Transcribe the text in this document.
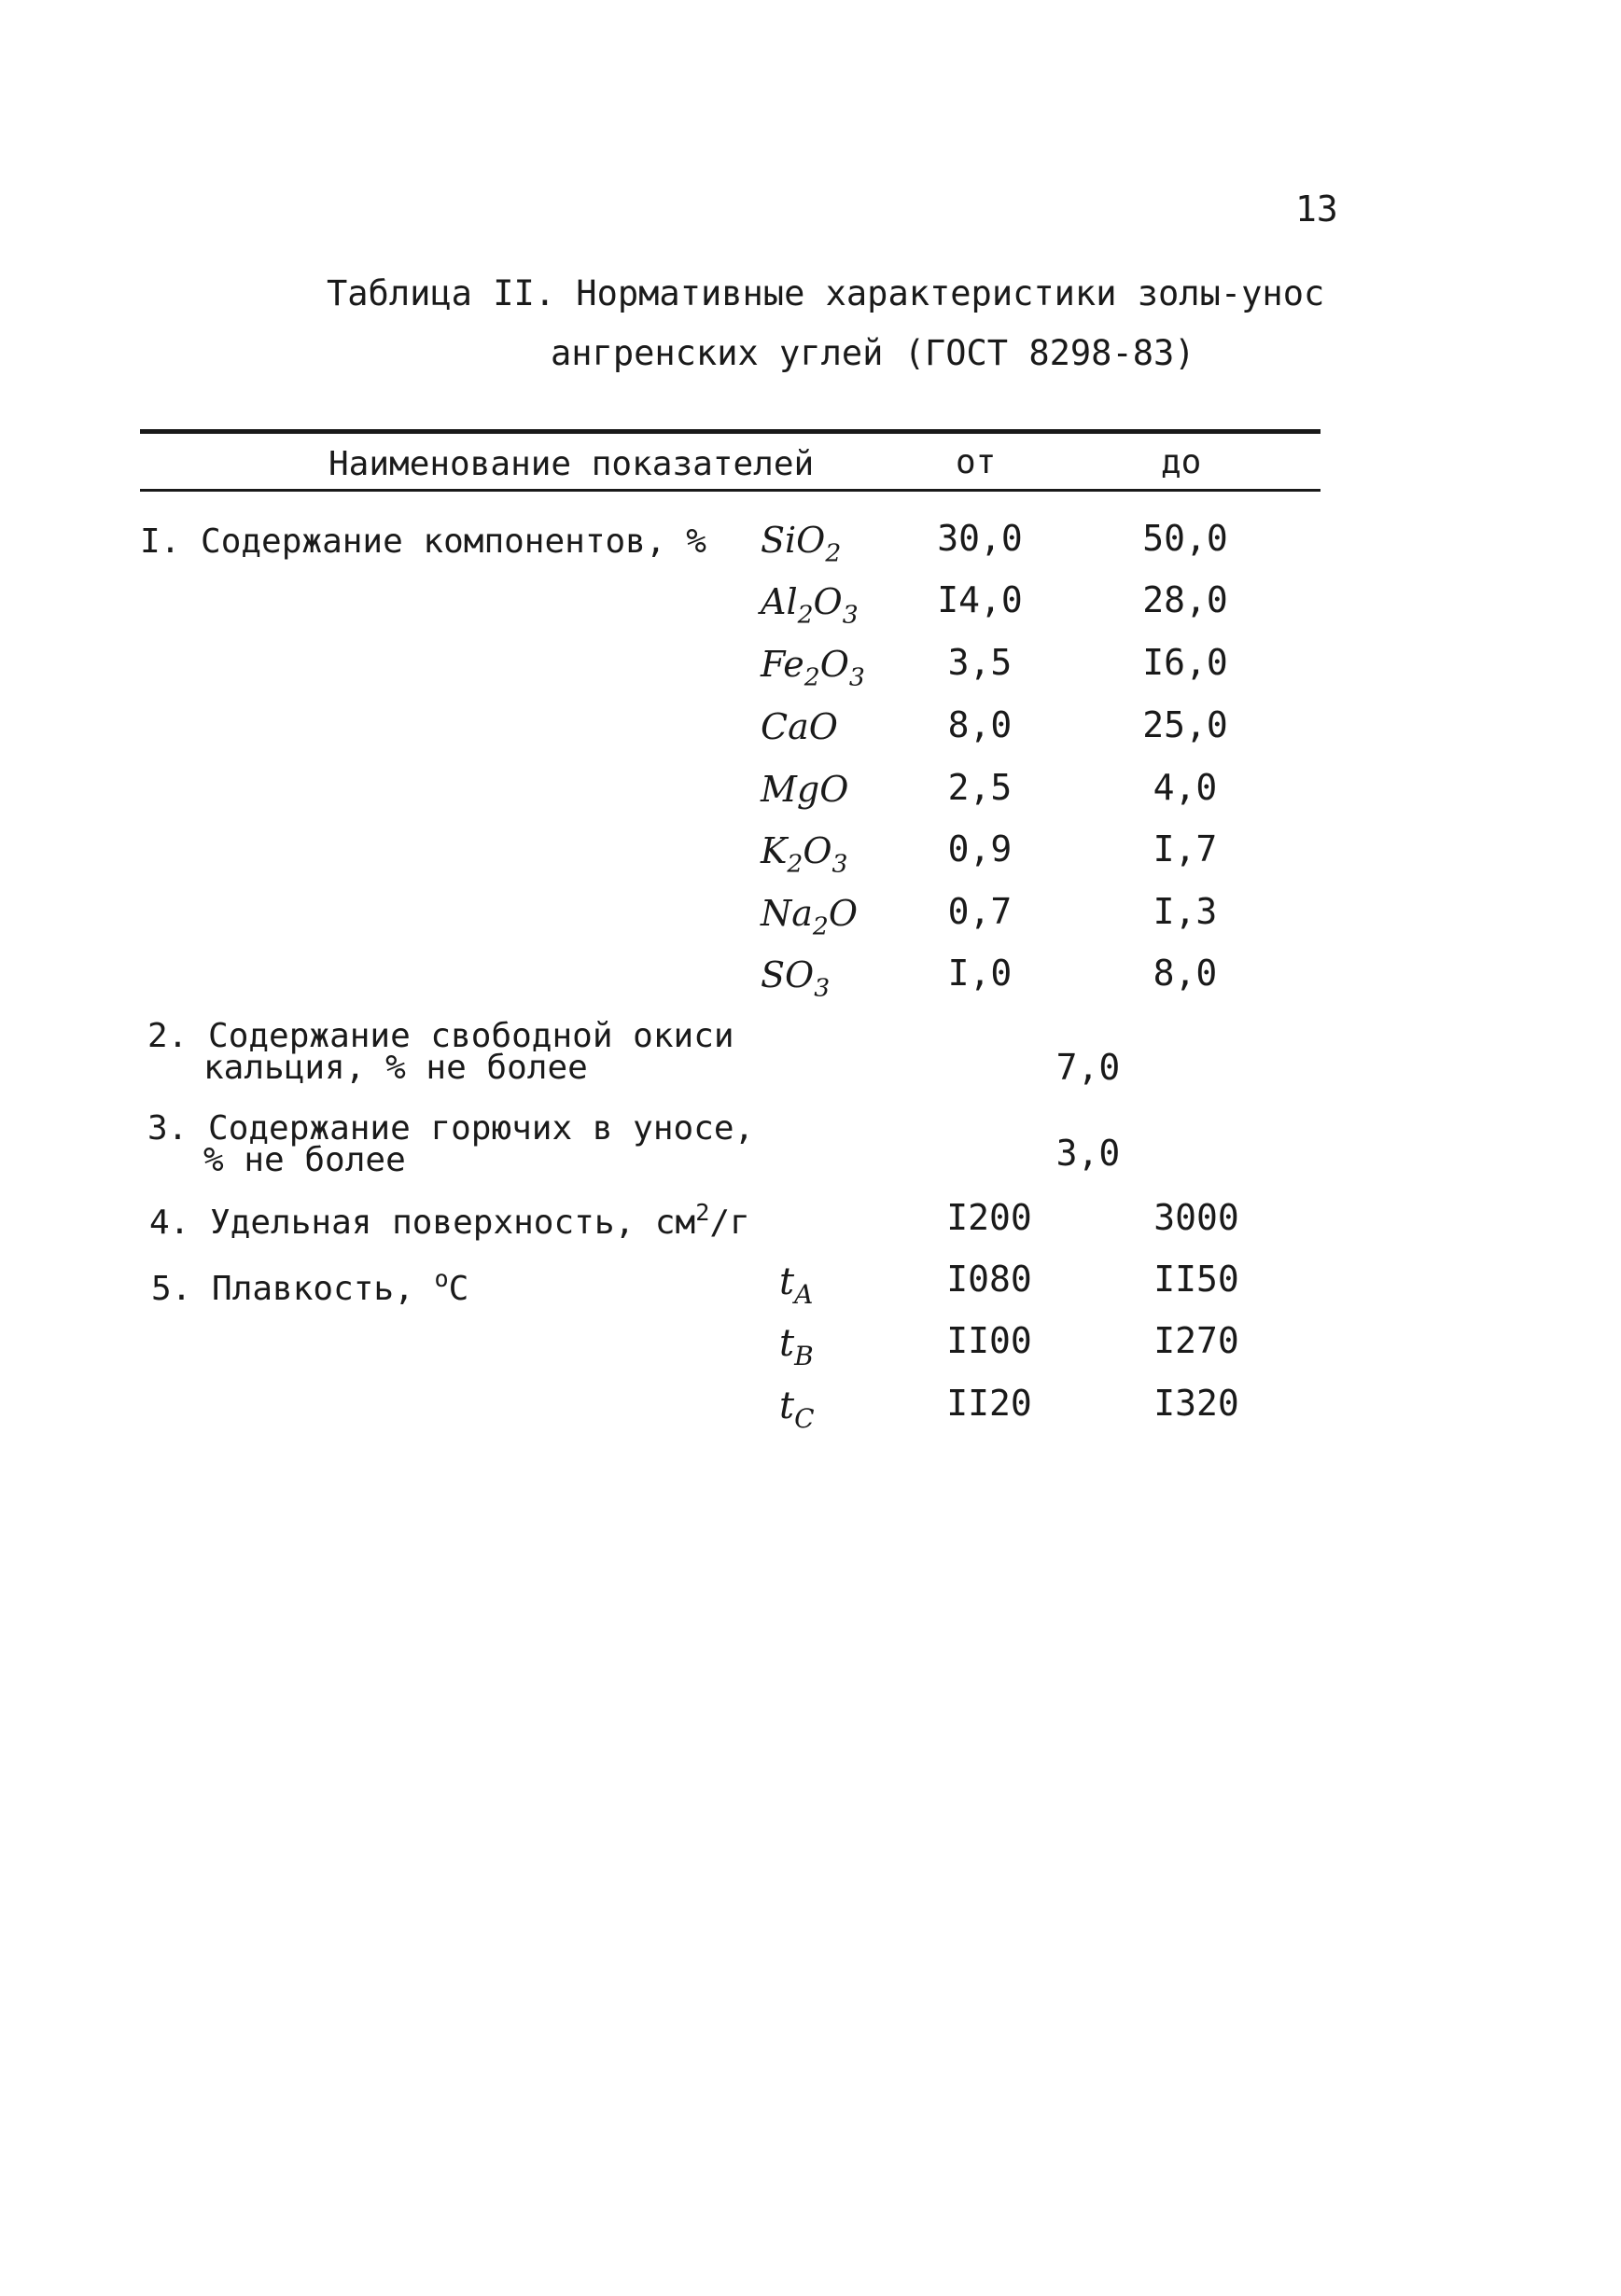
13
Таблица II. Нормативные характеристики золы-унос
ангренских углей (ГОСТ 8298-83)
Наименование показателей	от	до
I. Содержание компонентов, % SiO$_2$	30,0	50,0
$Al_2O_3$	I4,0	28,0
$Fe_2O_3$	3,5	I6,0
CaO	8,0	25,0
MgO	2,5	4,0
$K_2O_3$	0,9	I,7
$Na_2O$	0,7	I,3
$SO_3$	I,0	8,0
2. Содержание свободной окиси
кальция, % не более	7,0
3. Содержание горючих в уносе,
% не более	3,0
4. Удельная поверхность, $см^2/г$	I200	3000
5. Плавкость, $^о$С	$t_A$	I080	II50
$t_B$	II00	I270
$t_C$	II20	I320
